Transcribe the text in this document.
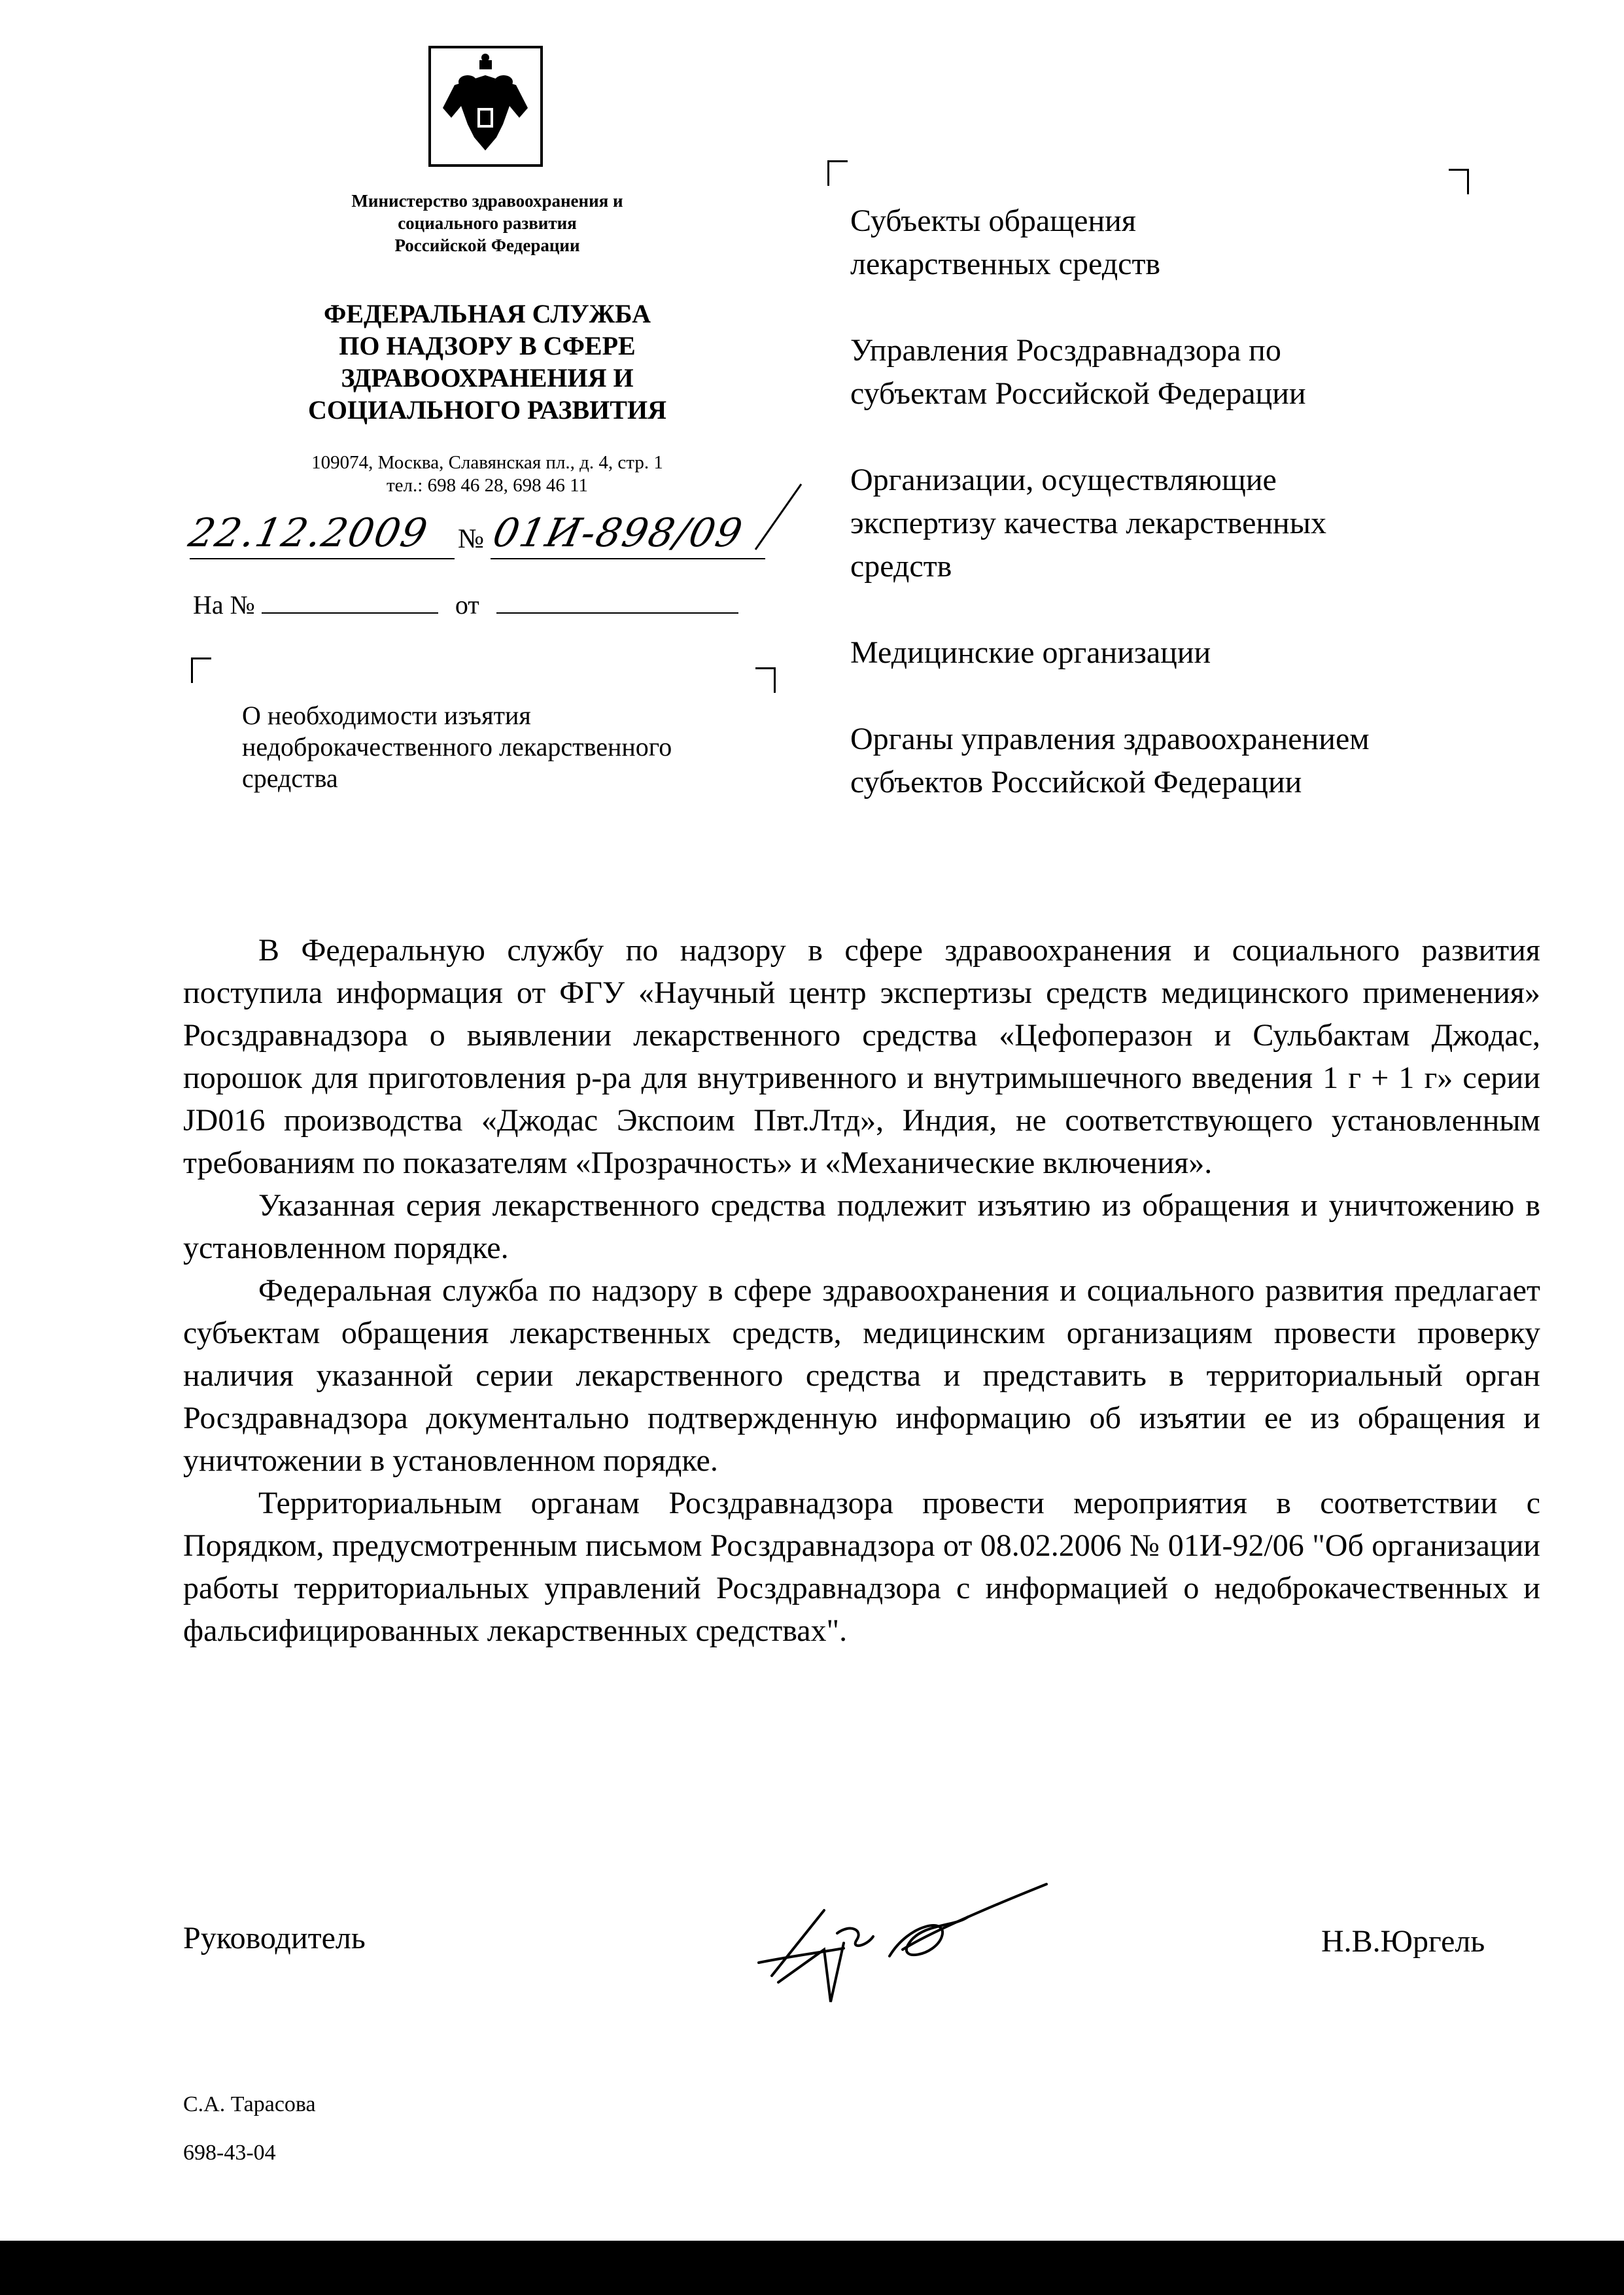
Министерство здравоохранения и
социального развития
Российской Федерации
ФЕДЕРАЛЬНАЯ СЛУЖБА
ПО НАДЗОРУ В СФЕРЕ
ЗДРАВООХРАНЕНИЯ И
СОЦИАЛЬНОГО РАЗВИТИЯ
109074, Москва, Славянская пл., д. 4, стр. 1
тел.: 698 46 28, 698 46 11
22.12.2009 № 01И-898/09
На №	от
О необходимости изъятия
недоброкачественного лекарственного
средства
Субъекты обращения
лекарственных средств
Управления Росздравнадзора по
субъектам Российской Федерации
Организации, осуществляющие
экспертизу качества лекарственных
средств
Медицинские организации
Органы управления здравоохранением
субъектов Российской Федерации

В Федеральную службу по надзору в сфере здравоохранения и социального развития поступила информация от ФГУ «Научный центр экспертизы средств медицинского применения» Росздравнадзора о выявлении лекарственного средства «Цефоперазон и Сульбактам Джодас, порошок для приготовления р-ра для внутривенного и внутримышечного введения 1 г + 1 г» серии JD016 производства «Джодас Экспоим Пвт.Лтд», Индия, не соответствующего установленным требованиям по показателям «Прозрачность» и «Механические включения».

Указанная серия лекарственного средства подлежит изъятию из обращения и уничтожению в установленном порядке.

Федеральная служба по надзору в сфере здравоохранения и социального развития предлагает субъектам обращения лекарственных средств, медицинским организациям провести проверку наличия указанной серии лекарственного средства и представить в территориальный орган Росздравнадзора документально подтвержденную информацию об изъятии ее из обращения и уничтожении в установленном порядке.

Территориальным органам Росздравнадзора провести мероприятия в соответствии с Порядком, предусмотренным письмом Росздравнадзора от 08.02.2006 № 01И-92/06 "Об организации работы территориальных управлений Росздравнадзора с информацией о недоброкачественных и фальсифицированных лекарственных средствах".

Руководитель	Н.В.Юргель
С.А. Тарасова
698-43-04
